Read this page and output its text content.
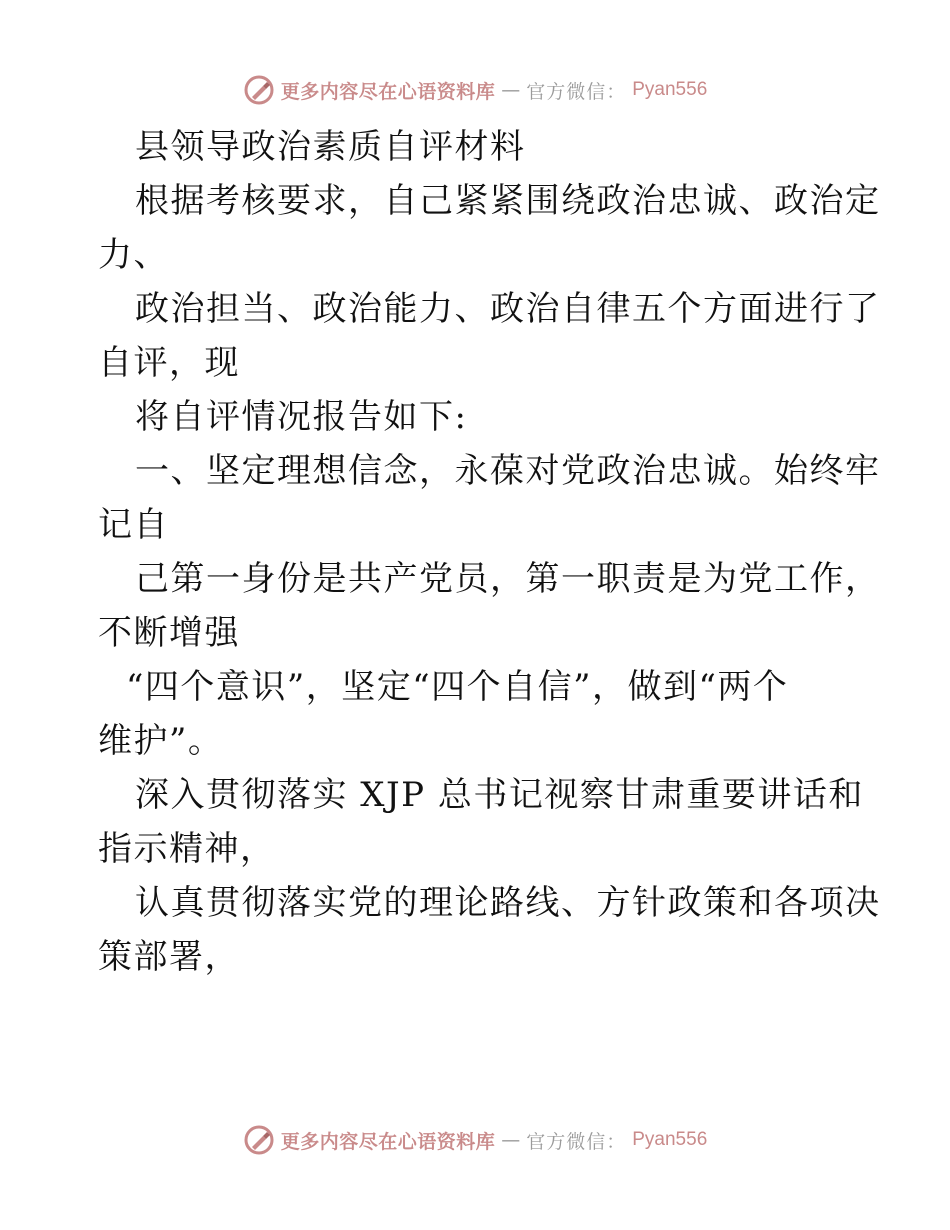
更多内容尽在心语资料库 — 官方微信： Pyan556
县领导政治素质自评材料
根据考核要求，自己紧紧围绕政治忠诚、政治定
力、
政治担当、政治能力、政治自律五个方面进行了
自评，现
将自评情况报告如下:
一、坚定理想信念，永葆对党政治忠诚。始终牢
记自
己第一身份是共产党员，第一职责是为党工作，
不断增强
“四个意识”，坚定“四个自信”，做到“两个
维护”。
深入贯彻落实 XJP 总书记视察甘肃重要讲话和
指示精神，
认真贯彻落实党的理论路线、方针政策和各项决
策部署，
更多内容尽在心语资料库 — 官方微信： Pyan556
